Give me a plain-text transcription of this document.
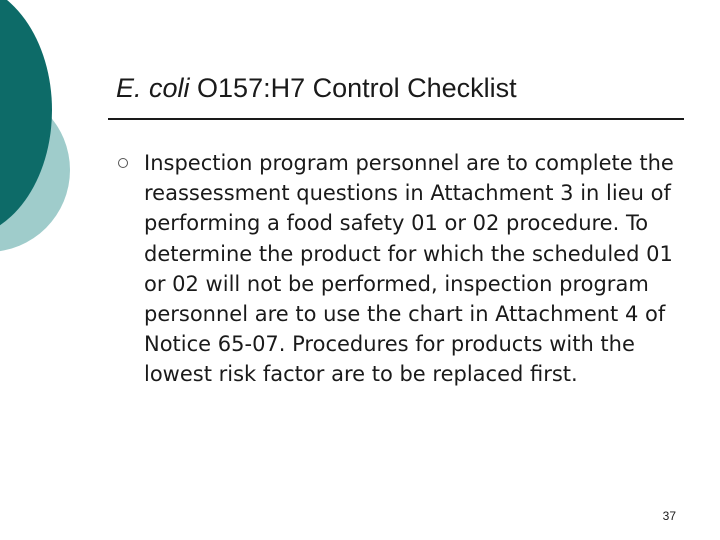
E. coli O157:H7 Control Checklist

Inspection program personnel are to complete the reassessment questions in Attachment 3 in lieu of performing a food safety 01 or 02 procedure. To determine the product for which the scheduled 01 or 02 will not be performed, inspection program personnel are to use the chart in Attachment 4 of Notice 65-07. Procedures for products with the lowest risk factor are to be replaced first.

37
